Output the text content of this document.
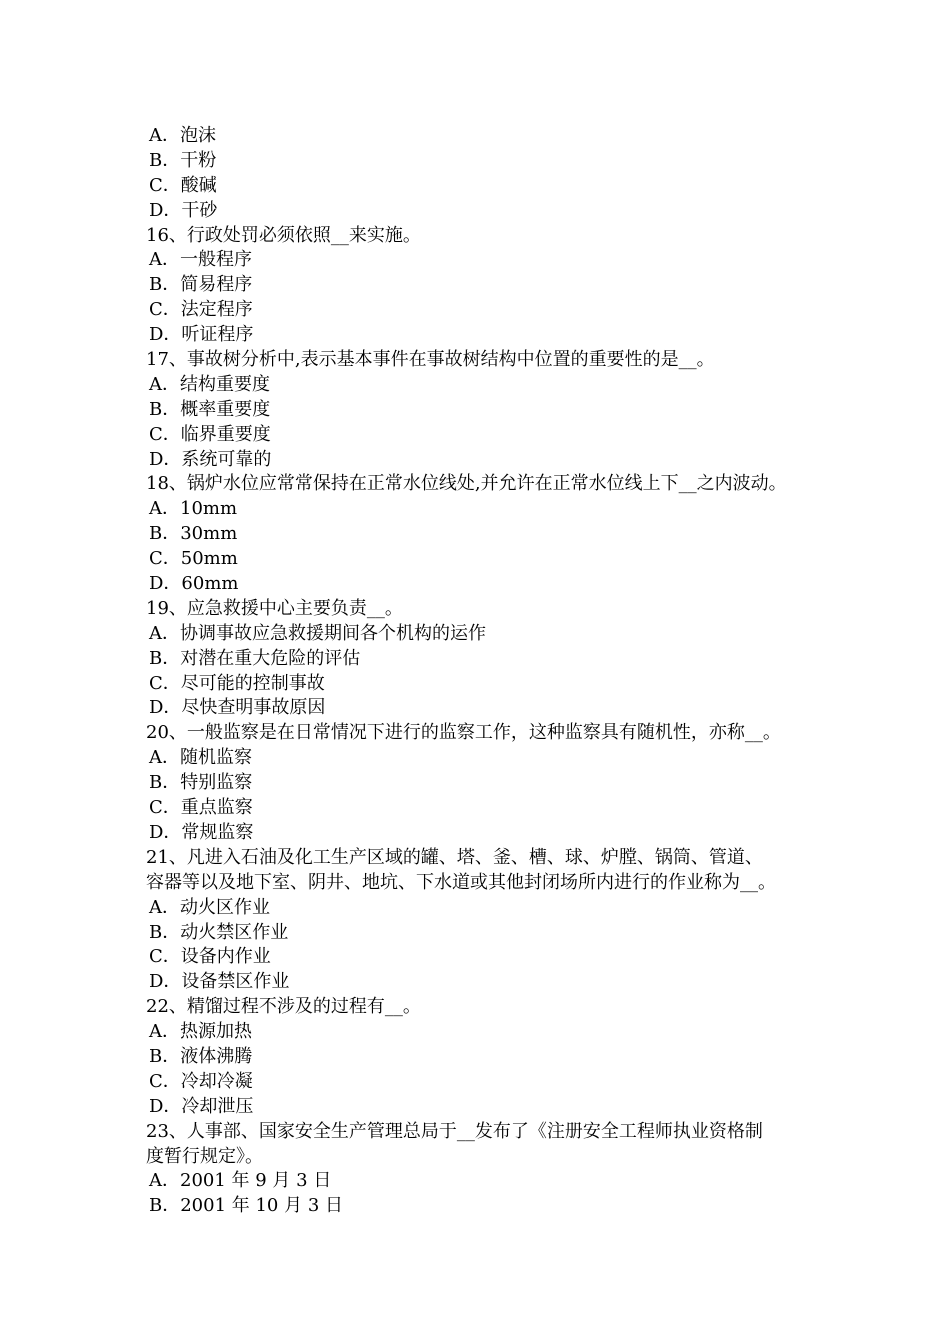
A．泡沫
B．干粉
C．酸碱
D．干砂
16、行政处罚必须依照__来实施。
A．一般程序
B．简易程序
C．法定程序
D．听证程序
17、事故树分析中,表示基本事件在事故树结构中位置的重要性的是__。
A．结构重要度
B．概率重要度
C．临界重要度
D．系统可靠的
18、锅炉水位应常常保持在正常水位线处,并允许在正常水位线上下__之内波动。
A．10mm
B．30mm
C．50mm
D．60mm
19、应急救援中心主要负责__。
A．协调事故应急救援期间各个机构的运作
B．对潜在重大危险的评估
C．尽可能的控制事故
D．尽快查明事故原因
20、一般监察是在日常情况下进行的监察工作，这种监察具有随机性，亦称__。
A．随机监察
B．特别监察
C．重点监察
D．常规监察
21、凡进入石油及化工生产区域的罐、塔、釜、槽、球、炉膛、锅筒、管道、
容器等以及地下室、阴井、地坑、下水道或其他封闭场所内进行的作业称为__。
A．动火区作业
B．动火禁区作业
C．设备内作业
D．设备禁区作业
22、精馏过程不涉及的过程有__。
A．热源加热
B．液体沸腾
C．冷却冷凝
D．冷却泄压
23、人事部、国家安全生产管理总局于__发布了《注册安全工程师执业资格制
度暂行规定》。
A．2001 年 9 月 3 日
B．2001 年 10 月 3 日
